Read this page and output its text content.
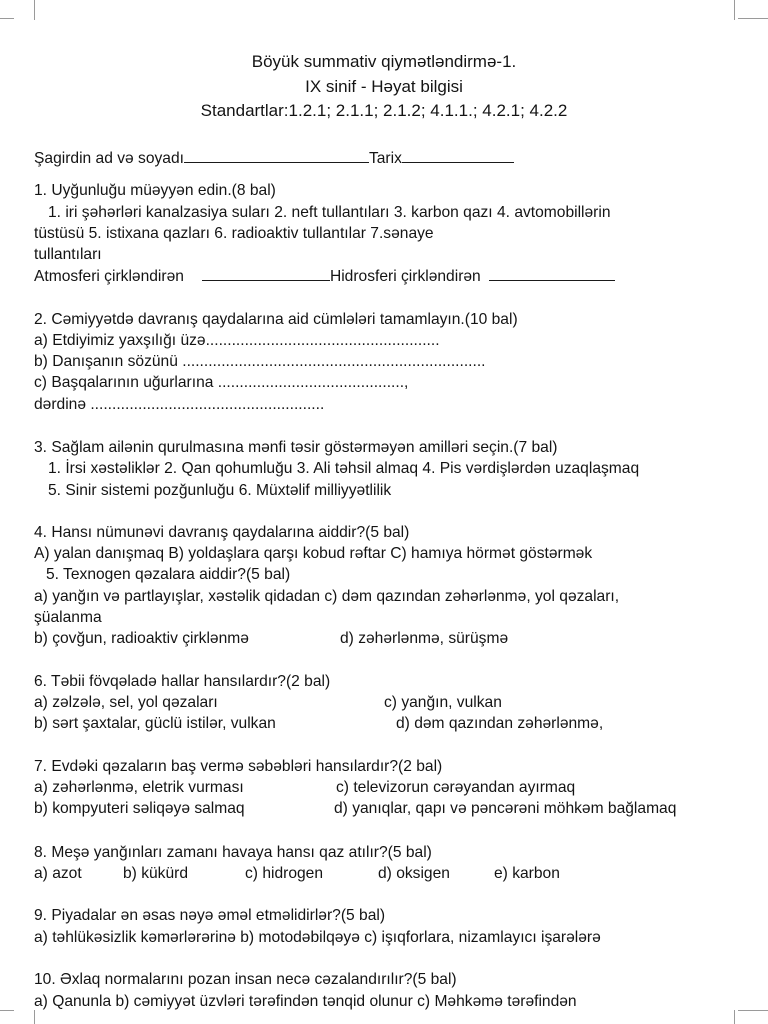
Böyük summativ qiymətləndirmə-1.
IX sinif - Həyat bilgisi
Standartlar:1.2.1; 2.1.1; 2.1.2; 4.1.1.; 4.2.1; 4.2.2
Şagirdin ad və soyadı	Tarix
1. Uyğunluğu müəyyən edin.(8 bal)
1. iri şəhərləri kanalzasiya suları 2. neft tullantıları 3. karbon qazı 4. avtomobillərin
tüstüsü 5. istixana qazları 6. radioaktiv tullantılar 7.sənaye
tullantıları
Atmosferi çirkləndirən	Hidrosferi çirkləndirən
2. Cəmiyyətdə davranış qaydalarına aid cümlələri tamamlayın.(10 bal)
a) Etdiyimiz yaxşılığı üzə......................................................
b) Danışanın sözünü ......................................................................
c) Başqalarının uğurlarına ...........................................,
dərdinə ......................................................
3. Sağlam ailənin qurulmasına mənfi təsir göstərməyən amilləri seçin.(7 bal)
1. İrsi xəstəliklər 2. Qan qohumluğu 3. Ali təhsil almaq 4. Pis vərdişlərdən uzaqlaşmaq
5. Sinir sistemi pozğunluğu 6. Müxtəlif milliyyətlilik
4. Hansı nümunəvi davranış qaydalarına aiddir?(5 bal)
A) yalan danışmaq B) yoldaşlara qarşı kobud rəftar C) hamıya hörmət göstərmək
5. Texnogen qəzalara aiddir?(5 bal)
a) yanğın və partlayışlar, xəstəlik qidadan c) dəm qazından zəhərlənmə, yol qəzaları,
şüalanma
b) çovğun, radioaktiv çirklənmə	d) zəhərlənmə, sürüşmə
6. Təbii fövqəladə hallar hansılardır?(2 bal)
a) zəlzələ, sel, yol qəzaları	c) yanğın, vulkan
b) sərt şaxtalar, güclü istilər, vulkan	d) dəm qazından zəhərlənmə,
7. Evdəki qəzaların baş vermə səbəbləri hansılardır?(2 bal)
a) zəhərlənmə, eletrik vurması	c) televizorun cərəyandan ayırmaq
b) kompyuteri səliqəyə salmaq	d) yanıqlar, qapı və pəncərəni möhkəm bağlamaq
8. Meşə yanğınları zamanı havaya hansı qaz atılır?(5 bal)
a) azot	b) kükürd	c) hidrogen	d) oksigen	e) karbon
9. Piyadalar ən əsas nəyə əməl etməlidirlər?(5 bal)
a) təhlükəsizlik kəmərlərərinə b) motodəbilqəyə c) işıqforlara, nizamlayıcı işarələrə
10. Əxlaq normalarını pozan insan necə cəzalandırılır?(5 bal)
a) Qanunla b) cəmiyyət üzvləri tərəfindən tənqid olunur c) Məhkəmə tərəfindən
